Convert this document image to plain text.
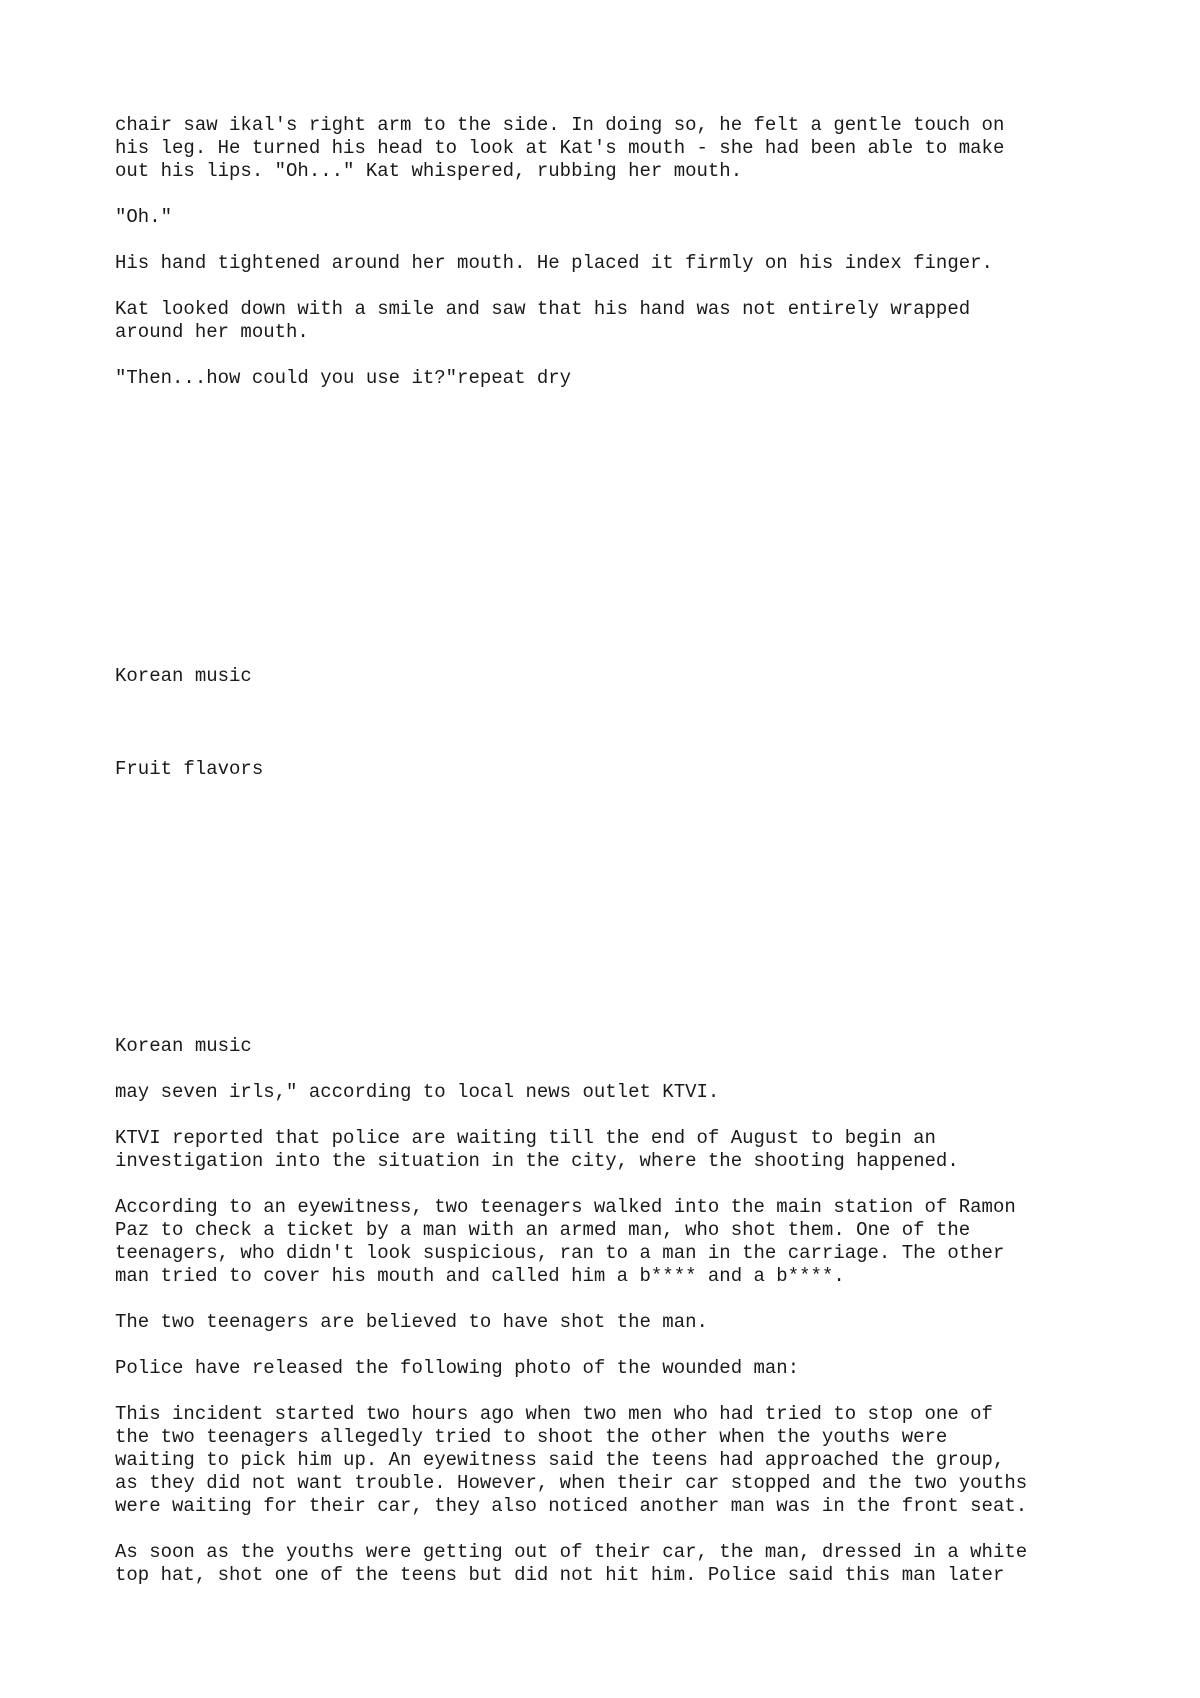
chair saw ikal's right arm to the side. In doing so, he felt a gentle touch on
his leg. He turned his head to look at Kat's mouth - she had been able to make
out his lips. "Oh..." Kat whispered, rubbing her mouth.

"Oh."

His hand tightened around her mouth. He placed it firmly on his index finger.

Kat looked down with a smile and saw that his hand was not entirely wrapped
around her mouth.

"Then...how could you use it?"repeat dry

Korean music

Fruit flavors

Korean music

may seven irls," according to local news outlet KTVI.

KTVI reported that police are waiting till the end of August to begin an
investigation into the situation in the city, where the shooting happened.

According to an eyewitness, two teenagers walked into the main station of Ramon
Paz to check a ticket by a man with an armed man, who shot them. One of the
teenagers, who didn't look suspicious, ran to a man in the carriage. The other
man tried to cover his mouth and called him a b**** and a b****.

The two teenagers are believed to have shot the man.

Police have released the following photo of the wounded man:

This incident started two hours ago when two men who had tried to stop one of
the two teenagers allegedly tried to shoot the other when the youths were
waiting to pick him up. An eyewitness said the teens had approached the group,
as they did not want trouble. However, when their car stopped and the two youths
were waiting for their car, they also noticed another man was in the front seat.

As soon as the youths were getting out of their car, the man, dressed in a white
top hat, shot one of the teens but did not hit him. Police said this man later
